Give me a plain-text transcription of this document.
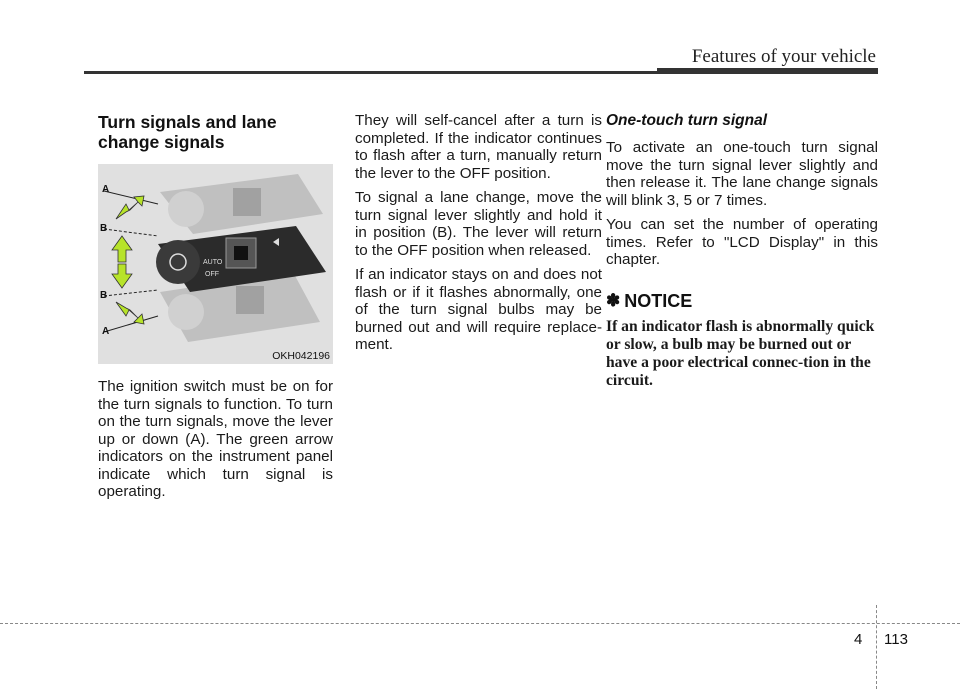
Features of your vehicle
Turn signals and lane change signals
AUTO
OFF
A
B
B
A
OKH042196

The ignition switch must be on for the turn signals to function. To turn on the turn signals, move the lever up or down (A). The green arrow indicators on the instrument panel indicate which turn signal is operating.

They will self-cancel after a turn is completed. If the indicator continues to flash after a turn, manually return the lever to the OFF position.

To signal a lane change, move the turn signal lever slightly and hold it in position (B). The lever will return to the OFF position when released.

If an indicator stays on and does not flash or if it flashes abnormally, one of the turn signal bulbs may be burned out and will require replace-ment.

One-touch turn signal

To activate an one-touch turn signal move the turn signal lever slightly and then release it. The lane change signals will blink 3, 5 or 7 times.

You can set the number of operating times. Refer to "LCD Display" in this chapter.

✽ NOTICE

If an indicator flash is abnormally quick or slow, a bulb may be burned out or have a poor electrical connec-tion in the circuit.

4 113
